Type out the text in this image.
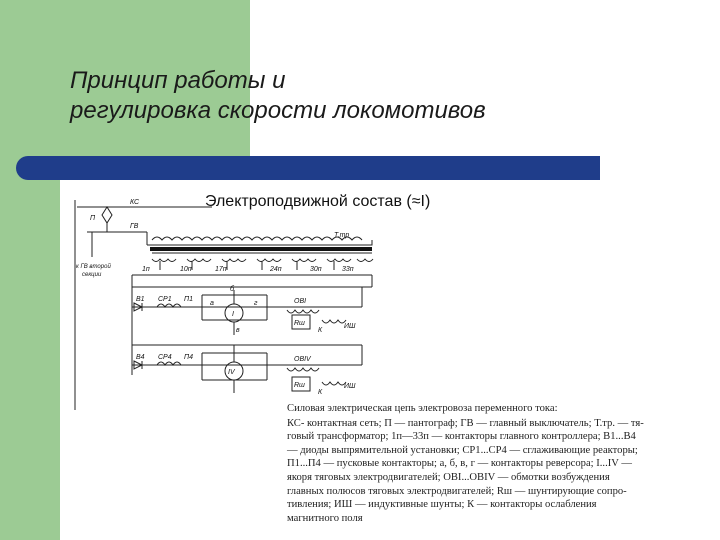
Принцип работы и
регулировка скорости локомотивов
Электроподвижной состав (≈I)
КС
П
ГВ
Т.тр
к ГВ второй
секции
1п	10п	17п	24п	30п	33п
В1 СР1 П1
I
ОВI
Rш	ИШ
К
В4 СР4 П4
IV
ОВIV
Rш	ИШ
К
а
б
в
г
Силовая электрическая цепь электровоза переменного тока:
КС- контактная сеть; П — пантограф; ГВ — главный выключатель; Т.тр. — тя-
говый трансформатор; 1п—33п — контакторы главного контроллера; В1...В4
— диоды выпрямительной установки; СР1...СР4 — сглаживающие реакторы;
П1...П4 — пусковые контакторы; а, б, в, г — контакторы реверсора; I...IV —
якоря тяговых электродвигателей; ОВI...ОВIV — обмотки возбуждения
главных полюсов тяговых электродвигателей; Rш — шунтирующие сопро-
тивления; ИШ — индуктивные шунты; К — контакторы ослабления
магнитного поля
